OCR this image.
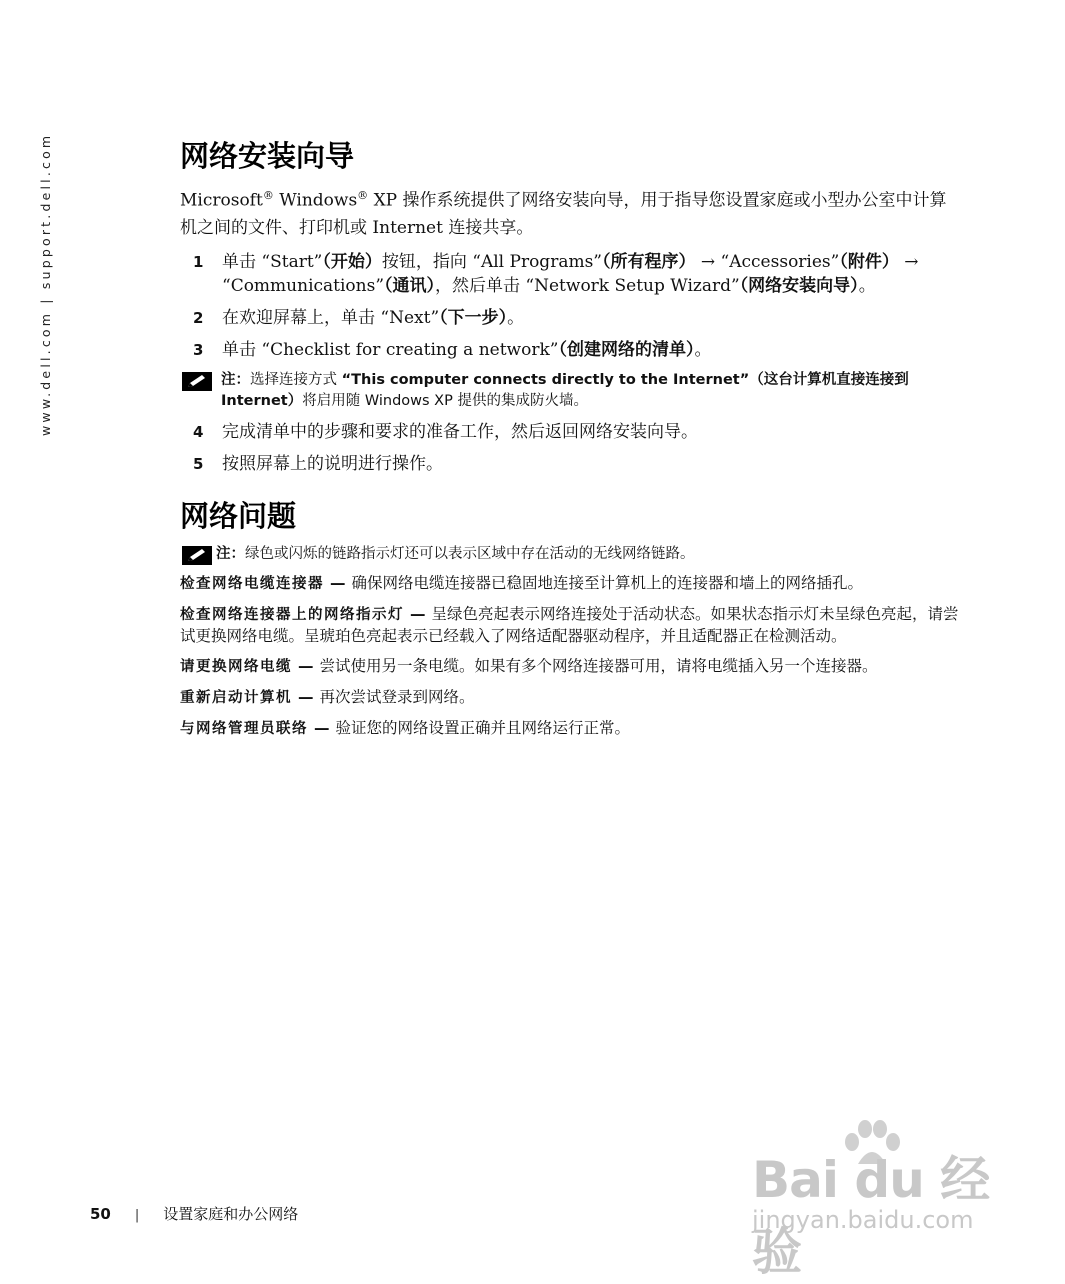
www.dell.com | support.dell.com	网络安装向导

Microsoft® Windows® XP 操作系统提供了网络安装向导，用于指导您设置家庭或小型办公室中计算机之间的文件、打印机或 Internet 连接共享。

1 单击 “Start”（开始）按钮，指向 “All Programs”（所有程序） → “Accessories”（附件） → “Communications”（通讯），然后单击 “Network Setup Wizard”（网络安装向导）。
2 在欢迎屏幕上，单击 “Next”（下一步）。
3 单击 “Checklist for creating a network”（创建网络的清单）。
注：选择连接方式 “This computer connects directly to the Internet”（这台计算机直接连接到 Internet）将启用随 Windows XP 提供的集成防火墙。
4 完成清单中的步骤和要求的准备工作，然后返回网络安装向导。
5 按照屏幕上的说明进行操作。
网络问题
注：绿色或闪烁的链路指示灯还可以表示区域中存在活动的无线网络链路。

检查网络电缆连接器 — 确保网络电缆连接器已稳固地连接至计算机上的连接器和墙上的网络插孔。

检查网络连接器上的网络指示灯 — 呈绿色亮起表示网络连接处于活动状态。如果状态指示灯未呈绿色亮起，请尝试更换网络电缆。呈琥珀色亮起表示已经载入了网络适配器驱动程序，并且适配器正在检测活动。

请更换网络电缆 — 尝试使用另一条电缆。如果有多个网络连接器可用，请将电缆插入另一个连接器。

重新启动计算机 — 再次尝试登录到网络。

与网络管理员联络 — 验证您的网络设置正确并且网络运行正常。

50 | 设置家庭和办公网络
Bai du 经验
jingyan.baidu.com
